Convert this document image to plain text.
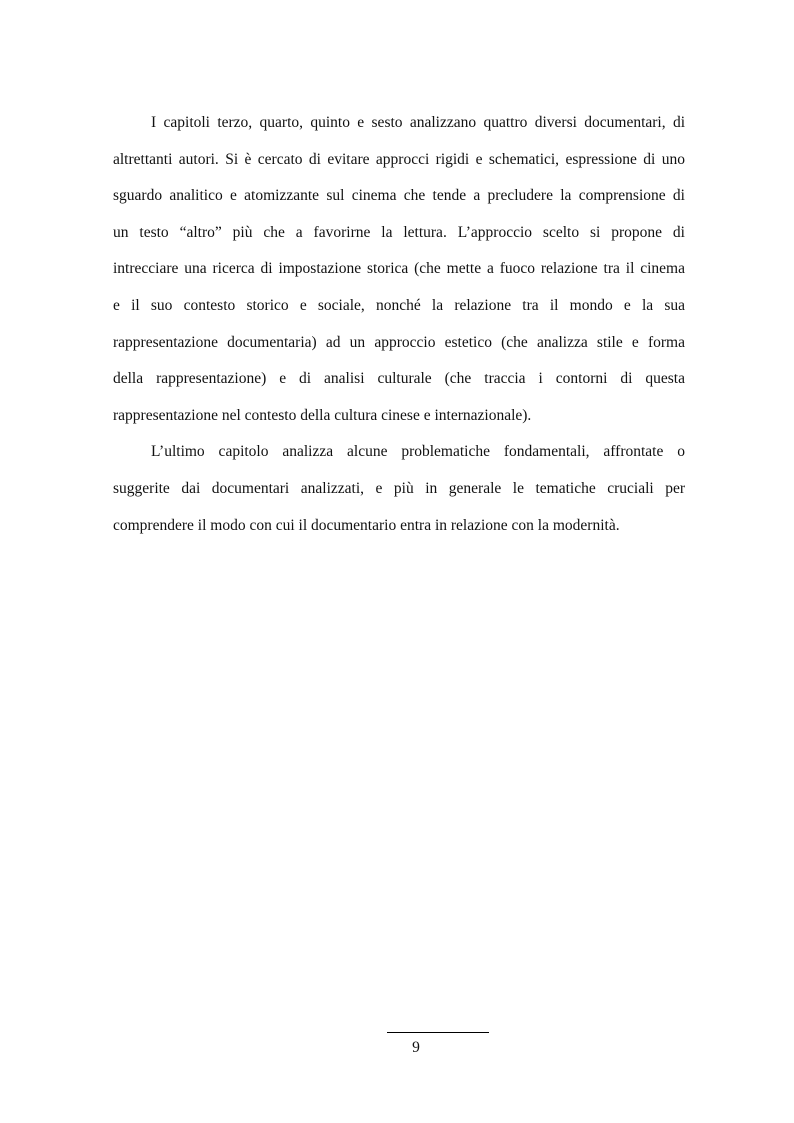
I capitoli terzo, quarto, quinto e sesto analizzano quattro diversi documentari, di
altrettanti autori. Si è cercato di evitare approcci rigidi e schematici, espressione di uno
sguardo analitico e atomizzante sul cinema che tende a precludere la comprensione di
un testo “altro” più che a favorirne la lettura. L’approccio scelto si propone di
intrecciare una ricerca di impostazione storica (che mette a fuoco relazione tra il cinema
e il suo contesto storico e sociale, nonché la relazione tra il mondo e la sua
rappresentazione documentaria) ad un approccio estetico (che analizza stile e forma
della rappresentazione) e di analisi culturale (che traccia i contorni di questa
rappresentazione nel contesto della cultura cinese e internazionale).
L’ultimo capitolo analizza alcune problematiche fondamentali, affrontate o
suggerite dai documentari analizzati, e più in generale le tematiche cruciali per
comprendere il modo con cui il documentario entra in relazione con la modernità.
9
